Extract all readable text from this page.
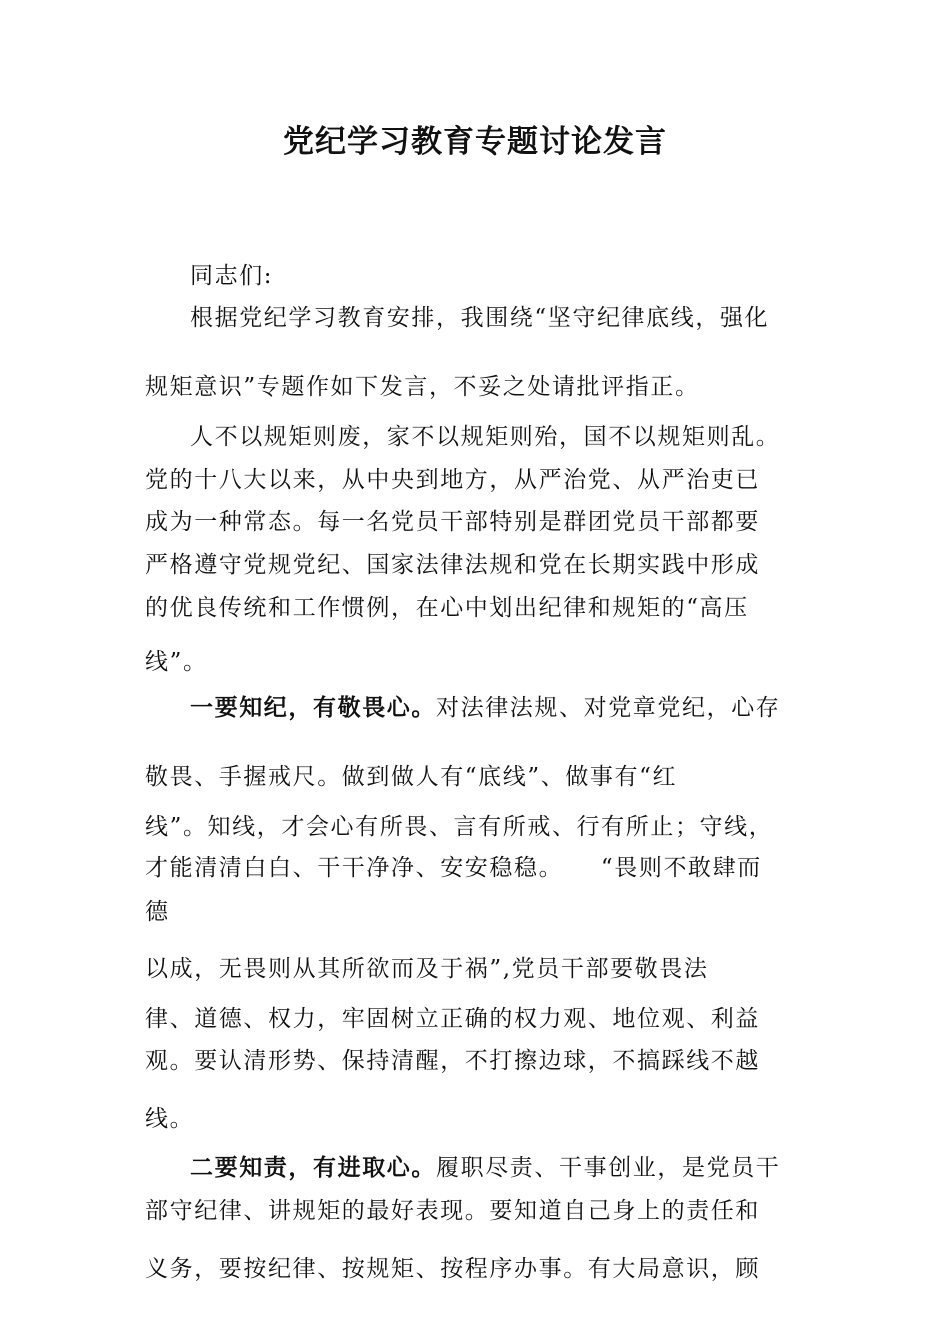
党纪学习教育专题讨论发言
同志们:
根据党纪学习教育安排，我围绕“坚守纪律底线，强化
规矩意识”专题作如下发言，不妥之处请批评指正。
人不以规矩则废，家不以规矩则殆，国不以规矩则乱。
党的十八大以来，从中央到地方，从严治党、从严治吏已
成为一种常态。每一名党员干部特别是群团党员干部都要
严格遵守党规党纪、国家法律法规和党在长期实践中形成
的优良传统和工作惯例，在心中划出纪律和规矩的“高压
线”。
一要知纪，有敬畏心。对法律法规、对党章党纪，心存
敬畏、手握戒尺。做到做人有“底线”、做事有“红
线”。知线，才会心有所畏、言有所戒、行有所止；守线，
才能清清白白、干干净净、安安稳稳。　　“畏则不敢肆而
德
以成，无畏则从其所欲而及于祸”,党员干部要敬畏法
律、道德、权力，牢固树立正确的权力观、地位观、利益
观。要认清形势、保持清醒，不打擦边球，不搞踩线不越
线。
二要知责，有进取心。履职尽责、干事创业，是党员干
部守纪律、讲规矩的最好表现。要知道自己身上的责任和
义务，要按纪律、按规矩、按程序办事。有大局意识，顾
